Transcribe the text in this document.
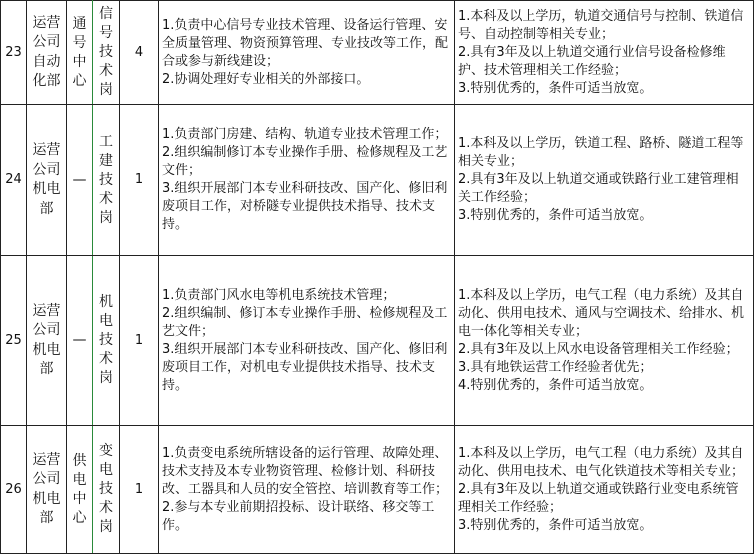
23	运营公司自动化部	通号中心	信号技术岗	4	1.负责中心信号专业技术管理、设备运行管理、安全质量管理、物资预算管理、专业技改等工作，配合或参与新线建设；
2.协调处理好专业相关的外部接口。	1.本科及以上学历，轨道交通信号与控制、铁道信号、自动控制等相关专业；
2.具有3年及以上轨道交通行业信号设备检修维护、技术管理相关工作经验；
3.特别优秀的，条件可适当放宽。

24	运营公司机电部	—	工建技术岗	1	1.负责部门房建、结构、轨道专业技术管理工作；
2.组织编制修订本专业操作手册、检修规程及工艺文件；
3.组织开展部门本专业科研技改、国产化、修旧利废项目工作，对桥隧专业提供技术指导、技术支持。	1.本科及以上学历，铁道工程、路桥、隧道工程等相关专业；
2.具有3年及以上轨道交通或铁路行业工建管理相关工作经验；
3.特别优秀的，条件可适当放宽。

25	运营公司机电部	—	机电技术岗	1	1.负责部门风水电等机电系统技术管理；
2.组织编制、修订本专业操作手册、检修规程及工艺文件；
3.组织开展部门本专业科研技改、国产化、修旧利废项目工作，对机电专业提供技术指导、技术支持。	1.本科及以上学历，电气工程（电力系统）及其自动化、供用电技术、通风与空调技术、给排水、机电一体化等相关专业；
2.具有3年及以上风水电设备管理相关工作经验；
3.具有地铁运营工作经验者优先；
4.特别优秀的，条件可适当放宽。

26	运营公司机电部	供电中心	变电技术岗	1	1.负责变电系统所辖设备的运行管理、故障处理、技术支持及本专业物资管理、检修计划、科研技改、工器具和人员的安全管控、培训教育等工作；
2.参与本专业前期招投标、设计联络、移交等工作。	1.本科及以上学历，电气工程（电力系统）及其自动化、供用电技术、电气化铁道技术等相关专业；
2.具有3年及以上轨道交通或铁路行业变电系统管理相关工作经验；
3.特别优秀的，条件可适当放宽。
